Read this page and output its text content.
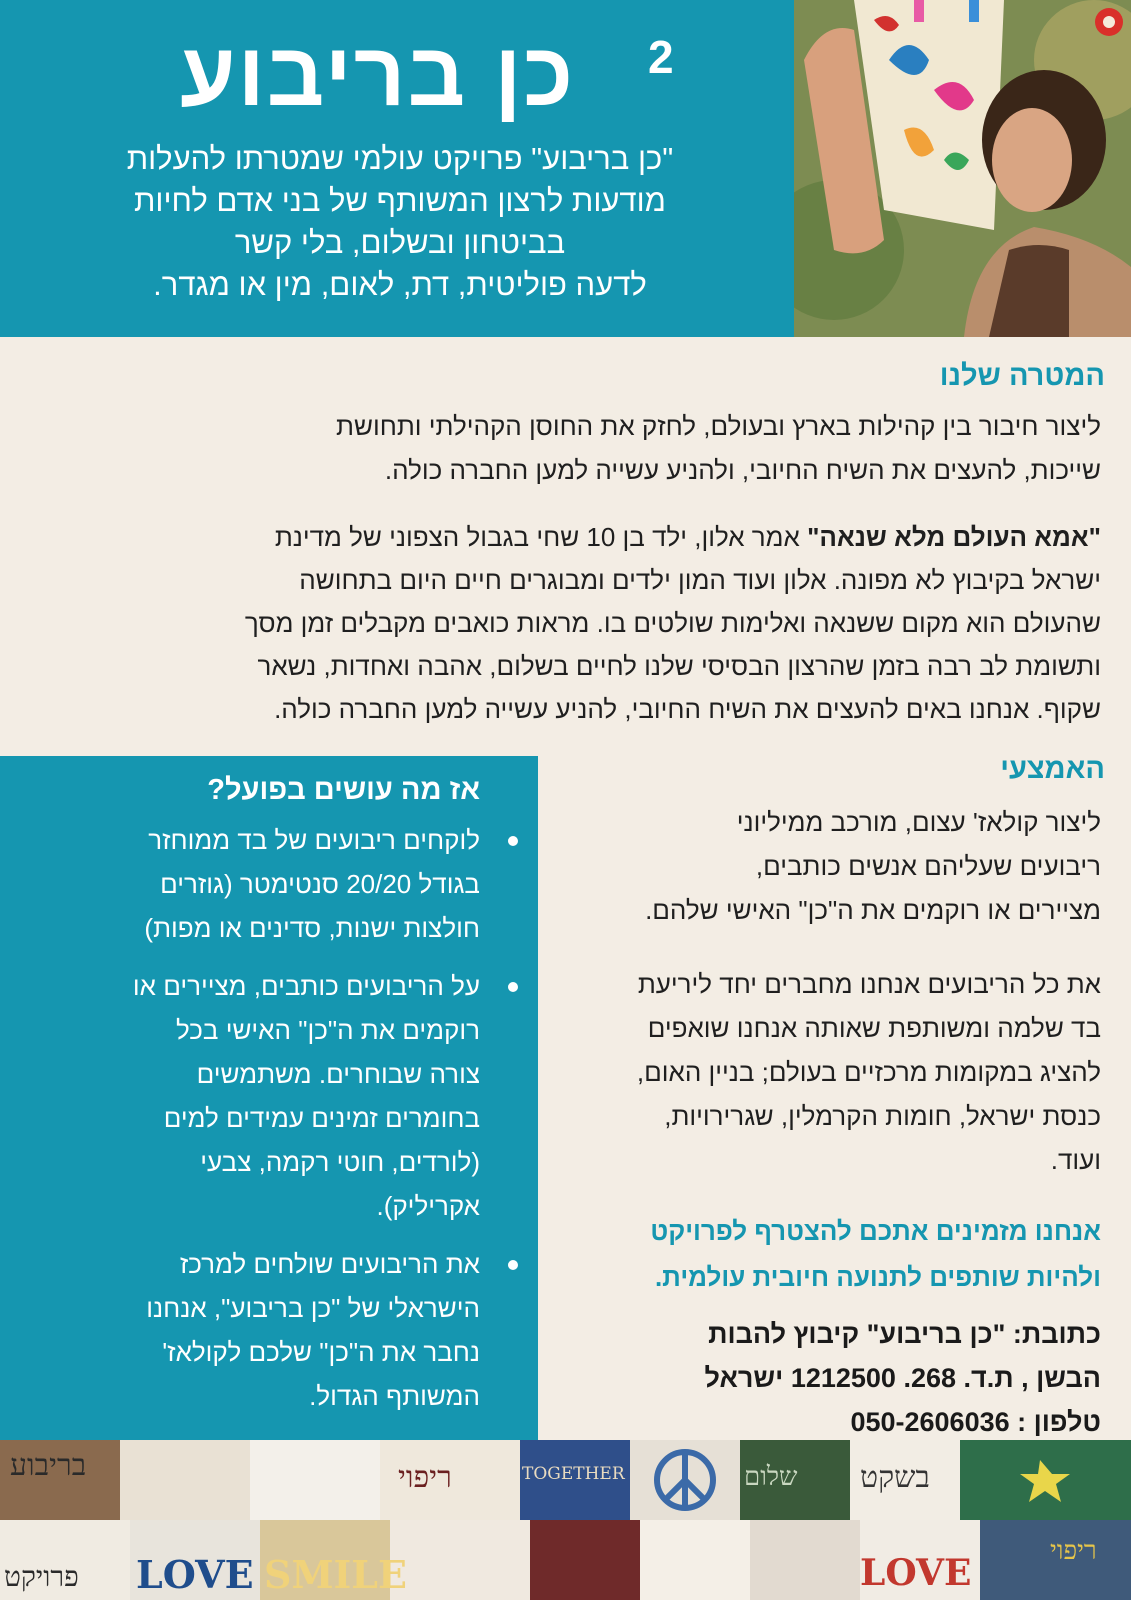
כן בריבוע 2
"כן בריבוע" פרויקט עולמי שמטרתו להעלות
מודעות לרצון המשותף של בני אדם לחיות
בביטחון ובשלום, בלי קשר
לדעה פוליטית, דת, לאום, מין או מגדר.
המטרה שלנו
ליצור חיבור בין קהילות בארץ ובעולם, לחזק את החוסן הקהילתי ותחושת
שייכות, להעצים את השיח החיובי, ולהניע עשייה למען החברה כולה.
"אמא העולם מלא שנאה" אמר אלון, ילד בן 10 שחי בגבול הצפוני של מדינת
ישראל בקיבוץ לא מפונה. אלון ועוד המון ילדים ומבוגרים חיים היום בתחושה
שהעולם הוא מקום ששנאה ואלימות שולטים בו. מראות כואבים מקבלים זמן מסך
ותשומת לב רבה בזמן שהרצון הבסיסי שלנו לחיים בשלום, אהבה ואחדות, נשאר
שקוף. אנחנו באים להעצים את השיח החיובי, להניע עשייה למען החברה כולה.
אז מה עושים בפועל?
לוקחים ריבועים של בד ממוחזר
בגודל 20/20 סנטימטר (גוזרים
חולצות ישנות, סדינים או מפות)
על הריבועים כותבים, מציירים או
רוקמים את ה"כן" האישי בכל
צורה שבוחרים. משתמשים
בחומרים זמינים עמידים למים
(לורדים, חוטי רקמה, צבעי
אקריליק).
את הריבועים שולחים למרכז
הישראלי של "כן בריבוע", אנחנו
נחבר את ה"כן" שלכם לקולאז'
המשותף הגדול.
האמצעי
ליצור קולאז' עצום, מורכב ממיליוני
ריבועים שעליהם אנשים כותבים,
מציירים או רוקמים את ה"כן" האישי שלהם.
את כל הריבועים אנחנו מחברים יחד ליריעת
בד שלמה ומשותפת שאותה אנחנו שואפים
להציג במקומות מרכזיים בעולם; בניין האום,
כנסת ישראל, חומות הקרמלין, שגרירויות,
ועוד.
אנחנו מזמינים אתכם להצטרף לפרויקט
ולהיות שותפים לתנועה חיובית עולמית.
כתובת: "כן בריבוע" קיבוץ להבות
הבשן , ת.ד. 268. 1212500 ישראל
טלפון : 050-2606036
בריבוע	ריפוי	TOGETHER	שלום בשקט
LOVE SMILE	LOVE
ריפוי
פרויקט
